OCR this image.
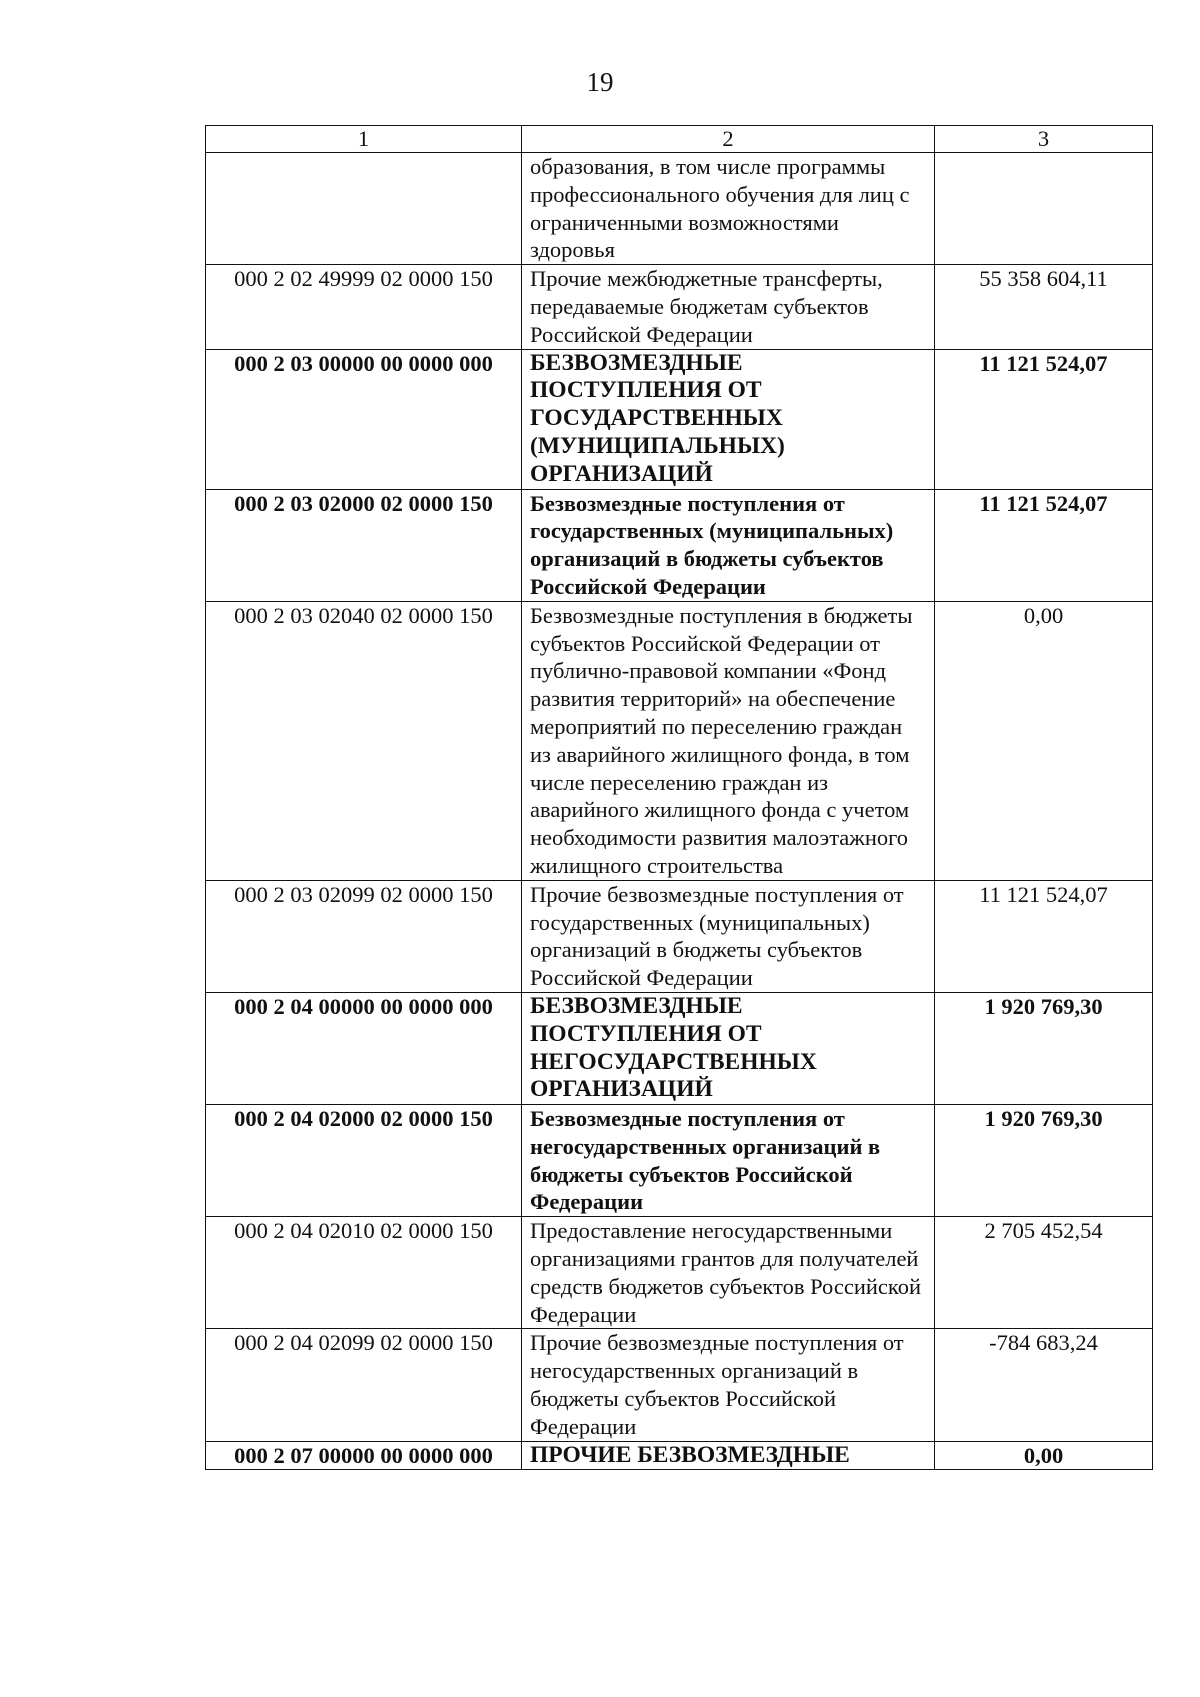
19
1	2	3
	образования, в том числе программы профессионального обучения для лиц с ограниченными возможностями здоровья	
000 2 02 49999 02 0000 150	Прочие межбюджетные трансферты, передаваемые бюджетам субъектов Российской Федерации	55 358 604,11
000 2 03 00000 00 0000 000	БЕЗВОЗМЕЗДНЫЕ ПОСТУПЛЕНИЯ ОТ ГОСУДАРСТВЕННЫХ (МУНИЦИПАЛЬНЫХ) ОРГАНИЗАЦИЙ	11 121 524,07
000 2 03 02000 02 0000 150	Безвозмездные поступления от государственных (муниципальных) организаций в бюджеты субъектов Российской Федерации	11 121 524,07
000 2 03 02040 02 0000 150	Безвозмездные поступления в бюджеты субъектов Российской Федерации от публично-правовой компании «Фонд развития территорий» на обеспечение мероприятий по переселению граждан из аварийного жилищного фонда, в том числе переселению граждан из аварийного жилищного фонда с учетом необходимости развития малоэтажного жилищного строительства	0,00
000 2 03 02099 02 0000 150	Прочие безвозмездные поступления от государственных (муниципальных) организаций в бюджеты субъектов Российской Федерации	11 121 524,07
000 2 04 00000 00 0000 000	БЕЗВОЗМЕЗДНЫЕ ПОСТУПЛЕНИЯ ОТ НЕГОСУДАРСТВЕННЫХ ОРГАНИЗАЦИЙ	1 920 769,30
000 2 04 02000 02 0000 150	Безвозмездные поступления от негосударственных организаций в бюджеты субъектов Российской Федерации	1 920 769,30
000 2 04 02010 02 0000 150	Предоставление негосударственными организациями грантов для получателей средств бюджетов субъектов Российской Федерации	2 705 452,54
000 2 04 02099 02 0000 150	Прочие безвозмездные поступления от негосударственных организаций в бюджеты субъектов Российской Федерации	-784 683,24
000 2 07 00000 00 0000 000	ПРОЧИЕ БЕЗВОЗМЕЗДНЫЕ	0,00
